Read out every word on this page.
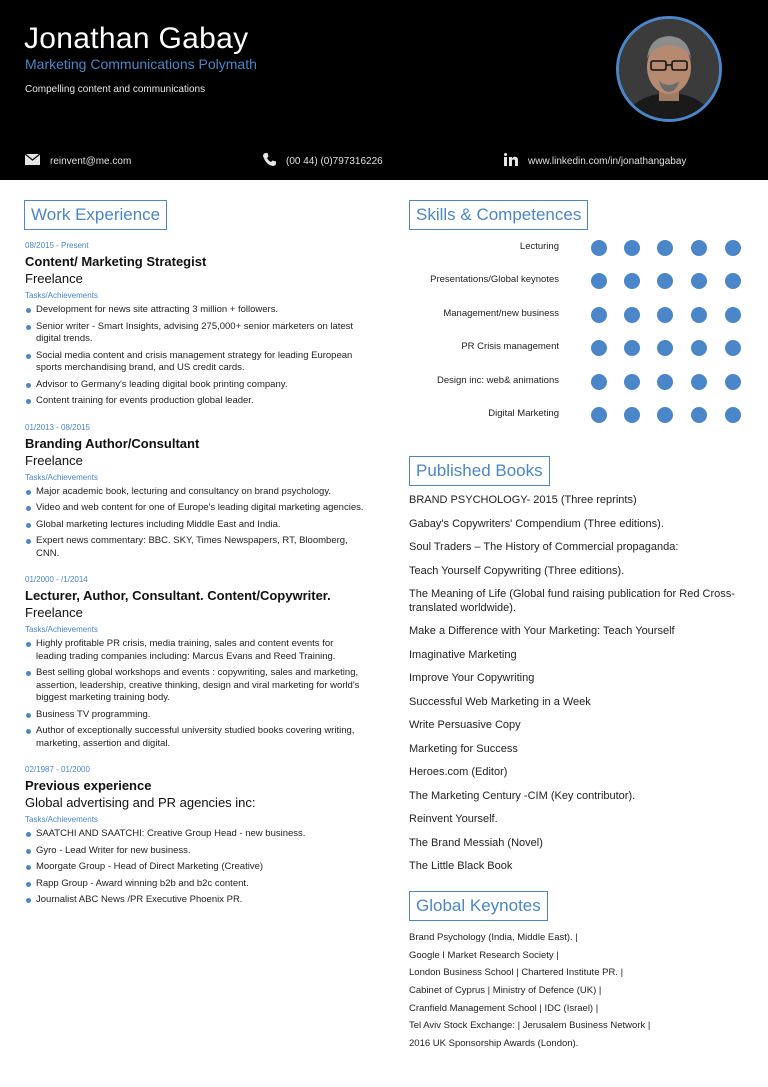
Jonathan Gabay
Marketing Communications Polymath
Compelling content and communications
reinvent@me.com	(00 44) (0)797316226	www.linkedin.com/in/jonathangabay
Work Experience
08/2015 - Present
Content/ Marketing Strategist
Freelance
Tasks/Achievements
Development for news site attracting 3 million + followers.
Senior writer - Smart Insights, advising 275,000+ senior marketers on latest digital trends.
Social media content and crisis management strategy for leading European sports merchandising brand, and US credit cards.
Advisor to Germany's leading digital book printing company.
Content training for events production global leader.
01/2013 - 08/2015
Branding Author/Consultant
Freelance
Tasks/Achievements
Major academic book, lecturing and consultancy on brand psychology.
Video and web content for one of Europe's leading digital marketing agencies.
Global marketing lectures including Middle East and India.
Expert news commentary: BBC. SKY, Times Newspapers, RT, Bloomberg, CNN.
01/2000 - /1/2014
Lecturer, Author, Consultant. Content/Copywriter.
Freelance
Tasks/Achievements
Highly profitable PR crisis, media training, sales and content events for leading trading companies including: Marcus Evans and Reed Training.
Best selling global workshops and events : copywriting, sales and marketing, assertion, leadership, creative thinking, design and viral marketing for world's biggest marketing training body.
Business TV programming.
Author of exceptionally successful university studied books covering writing, marketing, assertion and digital.
02/1987 - 01/2000
Previous experience
Global advertising and PR agencies inc:
Tasks/Achievements
SAATCHI AND SAATCHI: Creative Group Head - new business.
Gyro - Lead Writer for new business.
Moorgate Group - Head of Direct Marketing (Creative)
Rapp Group - Award winning b2b and b2c content.
Journalist ABC News /PR Executive Phoenix PR.
Skills & Competences
Lecturing
Presentations/Global keynotes
Management/new business
PR Crisis management
Design inc: web& animations
Digital Marketing
Published Books
BRAND PSYCHOLOGY- 2015 (Three reprints)
Gabay's Copywriters' Compendium (Three editions).
Soul Traders – The History of Commercial propaganda:
Teach Yourself Copywriting (Three editions).
The Meaning of Life (Global fund raising publication for Red Cross- translated worldwide).
Make a Difference with Your Marketing: Teach Yourself
Imaginative Marketing
Improve Your Copywriting
Successful Web Marketing in a Week
Write Persuasive Copy
Marketing for Success
Heroes.com (Editor)
The Marketing Century -CIM (Key contributor).
Reinvent Yourself.
The Brand Messiah (Novel)
The Little Black Book
Global Keynotes
Brand Psychology (India, Middle East). |
Google I Market Research Society |
London Business School | Chartered Institute PR. |
Cabinet of Cyprus | Ministry of Defence (UK) |
Cranfield Management School | IDC (Israel) |
Tel Aviv Stock Exchange: | Jerusalem Business Network |
2016 UK Sponsorship Awards (London).
